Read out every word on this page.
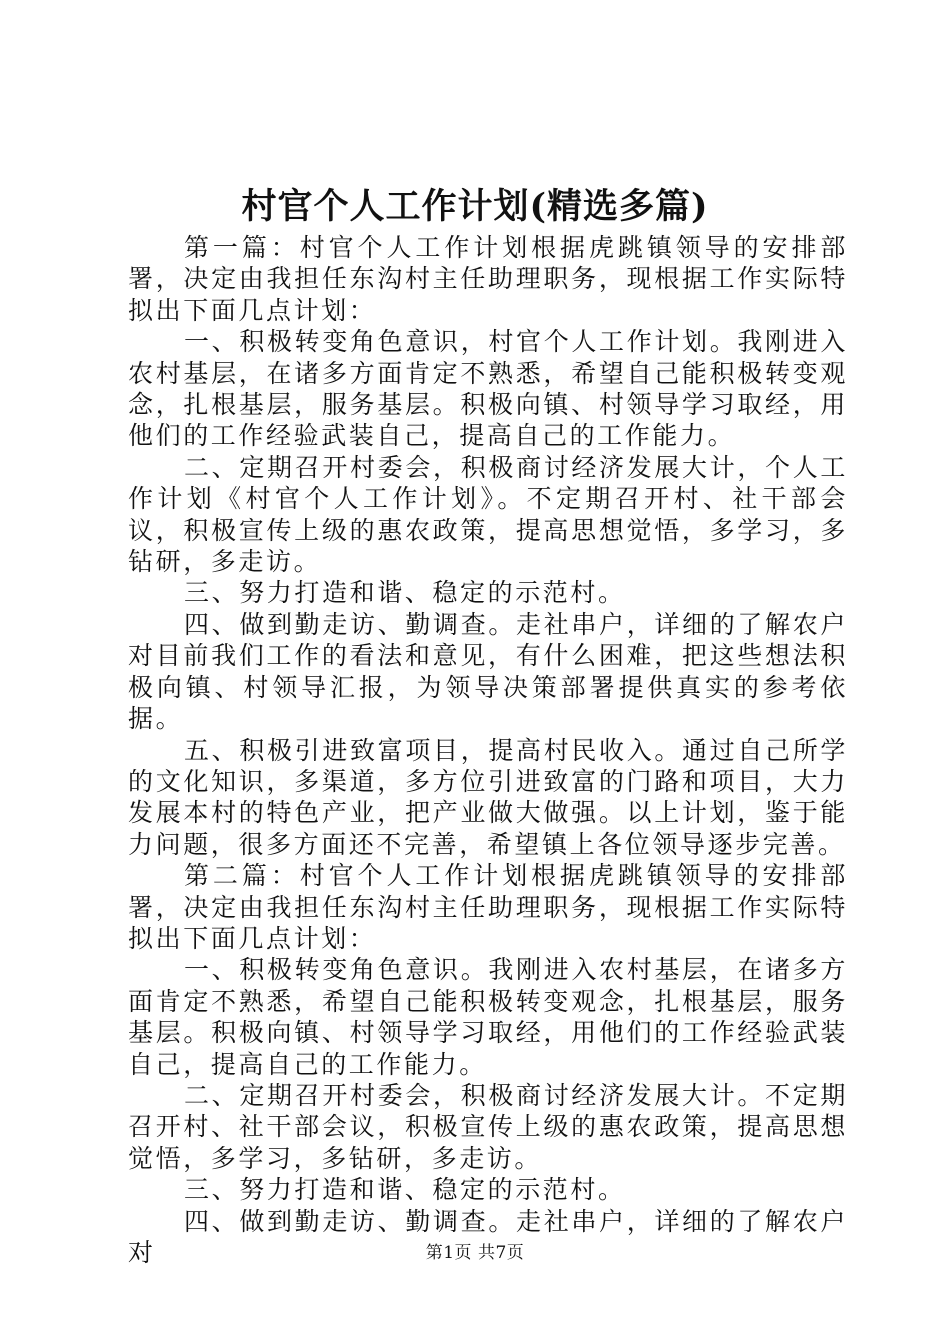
村官个人工作计划(精选多篇)

第一篇：村官个人工作计划根据虎跳镇领导的安排部署，决定由我担任东沟村主任助理职务，现根据工作实际特拟出下面几点计划：

一、积极转变角色意识，村官个人工作计划。我刚进入农村基层，在诸多方面肯定不熟悉，希望自己能积极转变观念，扎根基层，服务基层。积极向镇、村领导学习取经，用他们的工作经验武装自己，提高自己的工作能力。

二、定期召开村委会，积极商讨经济发展大计，个人工作计划《村官个人工作计划》。不定期召开村、社干部会议，积极宣传上级的惠农政策，提高思想觉悟，多学习，多钻研，多走访。

三、努力打造和谐、稳定的示范村。

四、做到勤走访、勤调查。走社串户，详细的了解农户对目前我们工作的看法和意见，有什么困难，把这些想法积极向镇、村领导汇报，为领导决策部署提供真实的参考依据。

五、积极引进致富项目，提高村民收入。通过自己所学的文化知识，多渠道，多方位引进致富的门路和项目，大力发展本村的特色产业，把产业做大做强。以上计划，鉴于能力问题，很多方面还不完善，希望镇上各位领导逐步完善。

第二篇：村官个人工作计划根据虎跳镇领导的安排部署，决定由我担任东沟村主任助理职务，现根据工作实际特拟出下面几点计划：

一、积极转变角色意识。我刚进入农村基层，在诸多方面肯定不熟悉，希望自己能积极转变观念，扎根基层，服务基层。积极向镇、村领导学习取经，用他们的工作经验武装自己，提高自己的工作能力。

二、定期召开村委会，积极商讨经济发展大计。不定期召开村、社干部会议，积极宣传上级的惠农政策，提高思想觉悟，多学习，多钻研，多走访。

三、努力打造和谐、稳定的示范村。

四、做到勤走访、勤调查。走社串户，详细的了解农户对	第1页 共7页
